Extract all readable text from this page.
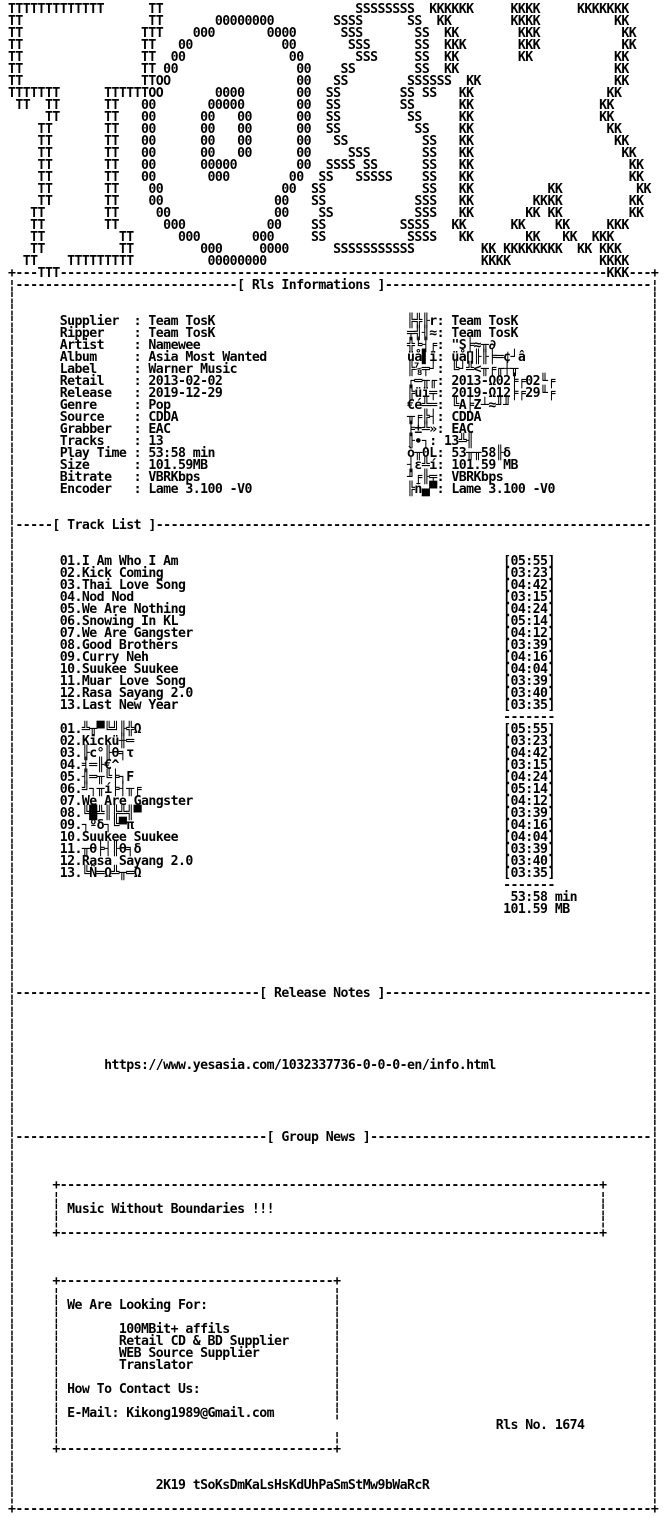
TTTTTTTTTTTTT      TT                          SSSSSSSS  KKKKKK     KKKK     KKKKKKK
TT                 TT       00000000        SSSS      SS  KK        KKKK          KK
TT                TTT    000       0000      SSS       SS  KK        KKK           KK
TT                TT   00            00       SSS      SS  KKK       KKK           KK
TT                TT  00              00       SSS     SS  KK        KK           KK
TT                TT 00                00    SS        SS  KK                     KK
TT                TTOO                 00   SS        SSSSSS  KK                  KK
TTTTTTT      TTTTTTOO       0000       00  SS        SS SS   KK                  KK
TT  TT      TT   00       00000       00  SS        SS      KK                 KK
TT      TT   00      00   00      00  SS         SS     KK                 KK
TT       TT   00      00   00      00  SS          SS    KK                  KK
TT       TT   00      00   00      00   SS          SS   KK                   KK
TT       TT   00      00   00      00     SSS       SS   KK                    KK
TT       TT   00      00000        00  SSSS SS      SS   KK                     KK
TT       TT   00       000        00  SS   SSSSS    SS   KK                     KK
TT       TT    00                00  SS             SS   KK          KK          KK
TT       TT    00               00   SS            SSS   KK        KKKK         KK
TT        TT     00              00    SS           SSS   KK       KK KK         KK
TT        TT      000           00    SS          SSSS   KK      KK    KK     KKK
TT          TT      000       000     SS           SSSS   KK       KK   KK  KKK
TT          TT         000     0000      SSSSSSSSSSS         KK KKKKKKKK  KK KKK
TT    TTTTTTTTT          00000000                             KKKK            KKKK
+---TTT--------------------------------------------------------------------------KKK---+
¦------------------------------[ Rls Informations ]------------------------------------¦
¦                                                                                      ¦
¦                                                                                      ¦
¦      Supplier  : Team TosK                          ╠╬╟r: Team TosK                  ¦
¦      Ripper    : Team TosK                          ╤╣╢≈: Team TosK                  ¦
¦      Artist    : Namewee                            ╬╘┤╒: "S╞≈╥∂                     ¦
¦      Album     : Asia Most Wanted                   üå▌ï: üå∏╟╟╞═¢┘â                 ¦
¦      Label     : Warner Music                       ╠⅞╤┘: ╚┘╩<╥╒╓┼╥                  ¦
¦      Retail    : 2013-02-02                         ┌═╥╓: 2013-Ω02╞╒02╙╒             ¦
¦      Release   : 2019-12-29                         ╠üï╤: 2019-Ω12╞╒29╙╒             ¦
¦      Genre     : Pop                                €é╩═: ╚A╞Z┴≈╜╜                   ¦
¦      Source    : CDDA                               ╥╒╠┤: CDDA                       ¦
¦      Grabber   : EAC                                ╞±╩»: EAC                        ¦
¦      Tracks    : 13                                 ╟∙┐: 13╩╢                        ¦
¦      Play Time : 53:58 min                          ò╥0L: 53╥╥58╟δ                   ¦
¦      Size      : 101.59MB                           ┤ε╩í: 101.59 MB                  ¦
¦      Bitrate   : VBRKbps                            ╜╒╟╤: VBRKbps                    ¦
¦      Encoder   : Lame 3.100 -V0                     ╠ñ▄▀: Lame 3.100 -V0             ¦
¦                                                                                      ¦
¦                                                                                      ¦
¦-----[ Track List ]-------------------------------------------------------------------¦
¦                                                                                      ¦
¦                                                                                      ¦
¦      01.I Am Who I Am                                            [05:55]             ¦
¦      02.Kick Coming                                              [03:23]             ¦
¦      03.Thai Love Song                                           [04:42]             ¦
¦      04.Nod Nod                                                  [03:15]             ¦
¦      05.We Are Nothing                                           [04:24]             ¦
¦      06.Snowing In KL                                            [05:14]             ¦
¦      07.We Are Gangster                                          [04:12]             ¦
¦      08.Good Brothers                                            [03:39]             ¦
¦      09.Curry Neh                                                [04:16]             ¦
¦      10.Suukee Suukee                                            [04:04]             ¦
¦      11.Muar Love Song                                           [03:39]             ¦
¦      12.Rasa Sayang 2.0                                          [03:40]             ¦
¦      13.Last New Year                                            [03:35]             ¦
¦                                                                  -------             ¦
¦      01.╩╥▀╚╝╟╬Ω                                                 [05:55]             ¦
¦      02.Kickü╫═                                                  [03:23]             ¦
¦      03.╟c°╟θ╕τ                                                  [04:42]             ¦
¦      04.╡═╟€^                                                    [03:15]             ¦
¦      05.╢═╥╚╞┐F                                                  [04:24]             ¦
¦      06.╝┐╥í╞┤╥╒                                                 [05:14]             ¦
¦      07.We Are Gangster                                          [04:12]             ¦
¦      08.╚█╩║╠╩╣▀                                                 [03:39]             ¦
¦      09.┐ºδ┐╚▀π                                                  [04:16]             ¦
¦      10.Suukee Suukee                                            [04:04]             ¦
¦      11.╥θ╞┤╟θ╕δ                                                 [03:39]             ¦
¦      12.Rasa Sayang 2.0                                          [03:40]             ¦
¦      13.╚Ñ═Ω╩╥═Ω                                                 [03:35]             ¦
¦                                                                  -------             ¦
¦                                                                   53:58 min          ¦
¦                                                                  101.59 MB           ¦
¦                                                                                      ¦
¦                                                                                      ¦
¦                                                                                      ¦
¦                                                                                      ¦
¦                                                                                      ¦
¦                                                                                      ¦
¦---------------------------------[ Release Notes ]------------------------------------¦
¦                                                                                      ¦
¦                                                                                      ¦
¦                                                                                      ¦
¦                                                                                      ¦
¦                                                                                      ¦
¦            https://www.yesasia.com/1032337736-0-0-0-en/info.html                     ¦
¦                                                                                      ¦
¦                                                                                      ¦
¦                                                                                      ¦
¦                                                                                      ¦
¦                                                                                      ¦
¦----------------------------------[ Group News ]--------------------------------------¦
¦                                                                                      ¦
¦                                                                                      ¦
¦                                                                                      ¦
¦     +-------------------------------------------------------------------------+      ¦
¦     ¦                                                                         ¦      ¦
¦     ¦ Music Without Boundaries !!!                                            ¦      ¦
¦     ¦                                                                         ¦      ¦
¦     +-------------------------------------------------------------------------+      ¦
¦                                                                                      ¦
¦                                                                                      ¦
¦                                                                                      ¦
¦     +-------------------------------------+                                          ¦
¦     ¦                                     ¦                                          ¦
¦     ¦ We Are Looking For:                 ¦                                          ¦
¦     ¦                                     ¦                                          ¦
¦     ¦        100MBit+ affils              ¦                                          ¦
¦     ¦        Retail CD & BD Supplier      ¦                                          ¦
¦     ¦        WEB Source Supplier          ¦                                          ¦
¦     ¦        Translator                   ¦                                          ¦
¦     ¦                                     ¦                                          ¦
¦     ¦ How To Contact Us:                  ¦                                          ¦
¦     ¦                                     ¦                                          ¦
¦     ¦ E-Mail: Kikong1989@Gmail.com        ¦                                          ¦
¦     ¦                                                           Rls No. 1674         ¦
¦     ¦                                     ¦                                          ¦
¦     +-------------------------------------+                                          ¦
¦                                                                                      ¦
¦                                                                                      ¦
¦                   2K19 tSoKsDmKaLsHsKdUhPaSmStMw9bWaRcR                              ¦
¦                                                                                      ¦
+--------------------------------------------------------------------------------------+
